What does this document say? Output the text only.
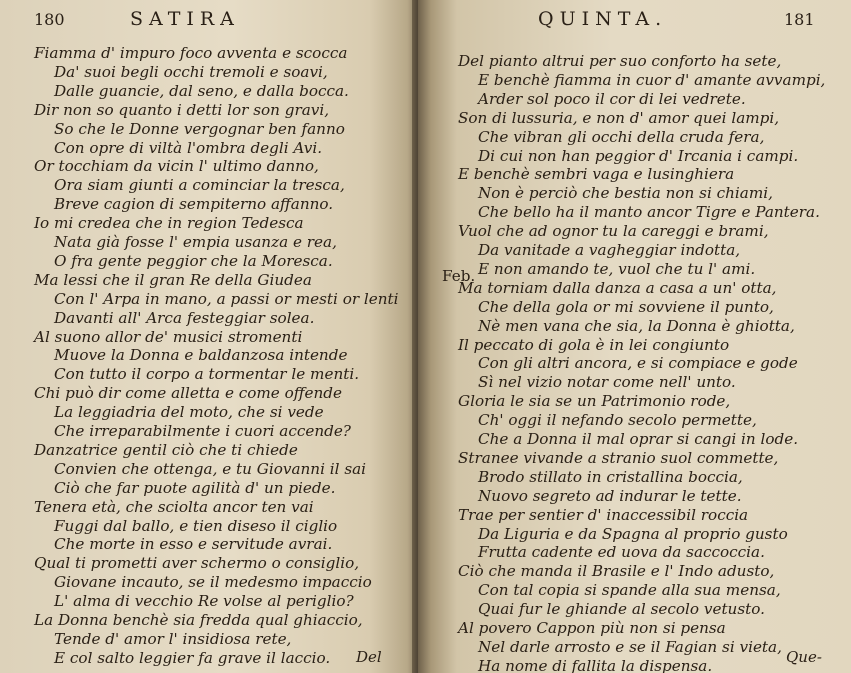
180	SATIRA
Fiamma d' impuro foco avventa e scocca
Da' suoi begli occhi tremoli e soavi,
Dalle guancie, dal seno, e dalla bocca.
Dir non so quanto i detti lor son gravi,
So che le Donne vergognar ben fanno
Con opre di viltà l'ombra degli Avi.
Or tocchiam da vicin l' ultimo danno,
Ora siam giunti a cominciar la tresca,
Breve cagion di sempiterno affanno.
Io mi credea che in region Tedesca
Nata già fosse l' empia usanza e rea,
O fra gente peggior che la Moresca.
Ma lessi che il gran Re della Giudea
Con l' Arpa in mano, a passi or mesti or lenti
Davanti all' Arca festeggiar solea.
Al suono allor de' musici stromenti
Muove la Donna e baldanzosa intende
Con tutto il corpo a tormentar le menti.
Chi può dir come alletta e come offende
La leggiadria del moto, che si vede
Che irreparabilmente i cuori accende?
Danzatrice gentil ciò che ti chiede
Convien che ottenga, e tu Giovanni il sai
Ciò che far puote agilità d' un piede.
Tenera età, che sciolta ancor ten vai
Fuggi dal ballo, e tien diseso il ciglio
Che morte in esso e servitude avrai.
Qual ti prometti aver schermo o consiglio,
Giovane incauto, se il medesmo impaccio
L' alma di vecchio Re volse al periglio?
La Donna benchè sia fredda qual ghiaccio,
Tende d' amor l' insidiosa rete,
E col salto leggier fa grave il laccio. Del
QUINTA.	181
Feb.
Del pianto altrui per suo conforto ha sete,
E benchè fiamma in cuor d' amante avvampi,
Arder sol poco il cor di lei vedrete.
Son di lussuria, e non d' amor quei lampi,
Che vibran gli occhi della cruda fera,
Di cui non han peggior d' Ircania i campi.
E benchè sembri vaga e lusinghiera
Non è perciò che bestia non si chiami,
Che bello ha il manto ancor Tigre e Pantera.
Vuol che ad ognor tu la careggi e brami,
Da vanitade a vagheggiar indotta,
E non amando te, vuol che tu l' ami.
Ma torniam dalla danza a casa a un' otta,
Che della gola or mi sovviene il punto,
Nè men vana che sia, la Donna è ghiotta,
Il peccato di gola è in lei congiunto
Con gli altri ancora, e si compiace e gode
Sì nel vizio notar come nell' unto.
Gloria le sia se un Patrimonio rode,
Ch' oggi il nefando secolo permette,
Che a Donna il mal oprar si cangi in lode.
Stranee vivande a stranio suol commette,
Brodo stillato in cristallina boccia,
Nuovo segreto ad indurar le tette.
Trae per sentier d' inaccessibil roccia
Da Liguria e da Spagna al proprio gusto
Frutta cadente ed uova da saccoccia.
Ciò che manda il Brasile e l' Indo adusto,
Con tal copia si spande alla sua mensa,
Quai fur le ghiande al secolo vetusto.
Al povero Cappon più non si pensa
Nel darle arrosto e se il Fagian si vieta,
Ha nome di fallita la dispensa.	Que-
